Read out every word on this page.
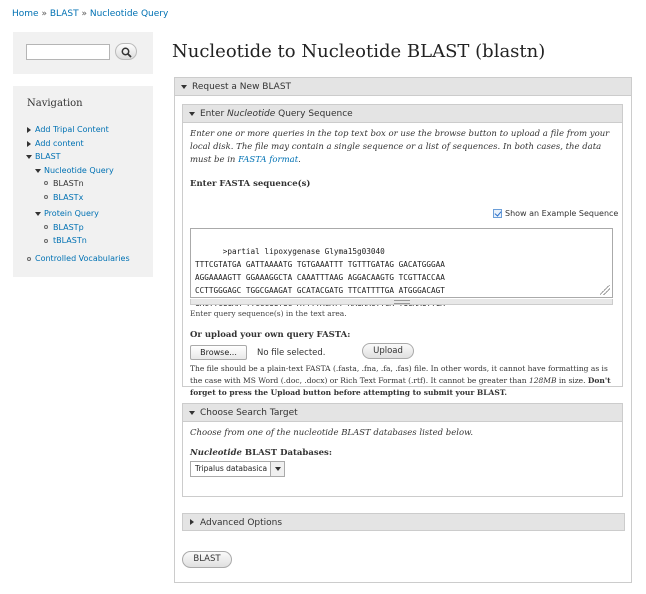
Home » BLAST » Nucleotide Query
Navigation
Add Tripal Content
Add content
BLAST
Nucleotide Query
BLASTn
BLASTx
Protein Query
BLASTp
tBLASTn
Controlled Vocabularies
Nucleotide to Nucleotide BLAST (blastn)
Request a New BLAST
Enter Nucleotide Query Sequence
Enter one or more queries in the top text box or use the browse button to upload a file from your local disk. The file may contain a single sequence or a list of sequences. In both cases, the data must be in FASTA format.
Enter FASTA sequence(s)
Show an Example Sequence

>partial lipoxygenase Glyma15g03040
TTTCGTATGA GATTAAAATG TGTGAAATTT TGTTTGATAG GACATGGGAA
AGGAAAAGTT GGAAAGGCTA CAAATTTAAG AGGACAAGTG TCGTTACCAA
CCTTGGGAGC TGGCGAAGAT GCATACGATG TTCATTTTGA ATGGGACAGT

Enter query sequence(s) in the text area.
Or upload your own query FASTA:
Browse...	No file selected.	Upload
The file should be a plain-text FASTA (.fasta, .fna, .fa, .fas) file. In other words, it cannot have formatting as is the case with MS Word (.doc, .docx) or Rich Text Format (.rtf). It cannot be greater than 128MB in size. Don't forget to press the Upload button before attempting to submit your BLAST.
Choose Search Target
Choose from one of the nucleotide BLAST databases listed below.
Nucleotide BLAST Databases:
Tripalus databasica
Advanced Options
BLAST
